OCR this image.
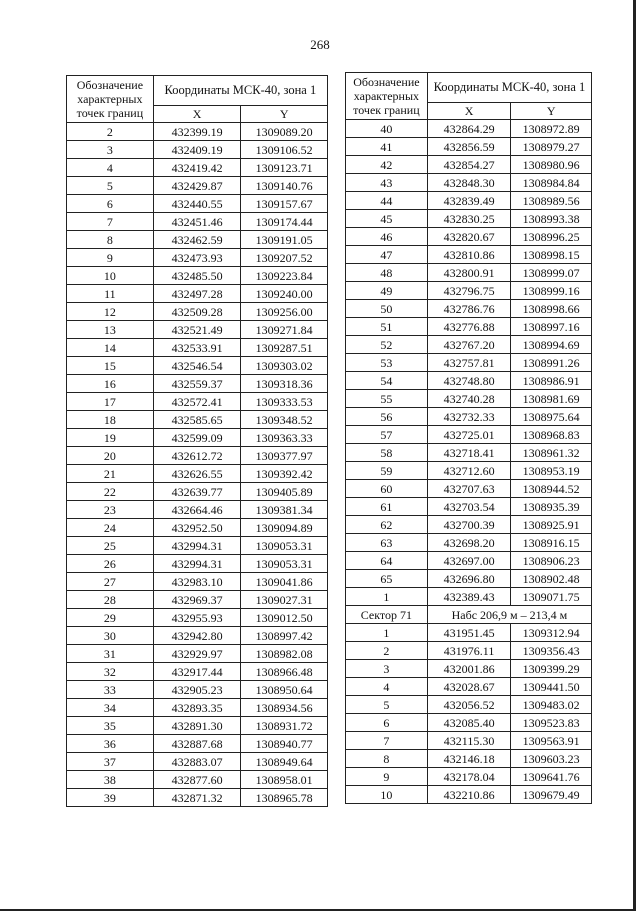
268
Обозначение характерных точек границ	Координаты МСК-40, зона 1	
	X	Y
2	432399.19	1309089.20
3	432409.19	1309106.52
4	432419.42	1309123.71
5	432429.87	1309140.76
6	432440.55	1309157.67
7	432451.46	1309174.44
8	432462.59	1309191.05
9	432473.93	1309207.52
10	432485.50	1309223.84
11	432497.28	1309240.00
12	432509.28	1309256.00
13	432521.49	1309271.84
14	432533.91	1309287.51
15	432546.54	1309303.02
16	432559.37	1309318.36
17	432572.41	1309333.53
18	432585.65	1309348.52
19	432599.09	1309363.33
20	432612.72	1309377.97
21	432626.55	1309392.42
22	432639.77	1309405.89
23	432664.46	1309381.34
24	432952.50	1309094.89
25	432994.31	1309053.31
26	432994.31	1309053.31
27	432983.10	1309041.86
28	432969.37	1309027.31
29	432955.93	1309012.50
30	432942.80	1308997.42
31	432929.97	1308982.08
32	432917.44	1308966.48
33	432905.23	1308950.64
34	432893.35	1308934.56
35	432891.30	1308931.72
36	432887.68	1308940.77
37	432883.07	1308949.64
38	432877.60	1308958.01
39	432871.32	1308965.78
Обозначение характерных точек границ	Координаты МСК-40, зона 1	
	X	Y
40	432864.29	1308972.89
41	432856.59	1308979.27
42	432854.27	1308980.96
43	432848.30	1308984.84
44	432839.49	1308989.56
45	432830.25	1308993.38
46	432820.67	1308996.25
47	432810.86	1308998.15
48	432800.91	1308999.07
49	432796.75	1308999.16
50	432786.76	1308998.66
51	432776.88	1308997.16
52	432767.20	1308994.69
53	432757.81	1308991.26
54	432748.80	1308986.91
55	432740.28	1308981.69
56	432732.33	1308975.64
57	432725.01	1308968.83
58	432718.41	1308961.32
59	432712.60	1308953.19
60	432707.63	1308944.52
61	432703.54	1308935.39
62	432700.39	1308925.91
63	432698.20	1308916.15
64	432697.00	1308906.23
65	432696.80	1308902.48
1	432389.43	1309071.75
Сектор 71	Набс 206,9 м – 213,4 м	
1	431951.45	1309312.94
2	431976.11	1309356.43
3	432001.86	1309399.29
4	432028.67	1309441.50
5	432056.52	1309483.02
6	432085.40	1309523.83
7	432115.30	1309563.91
8	432146.18	1309603.23
9	432178.04	1309641.76
10	432210.86	1309679.49
